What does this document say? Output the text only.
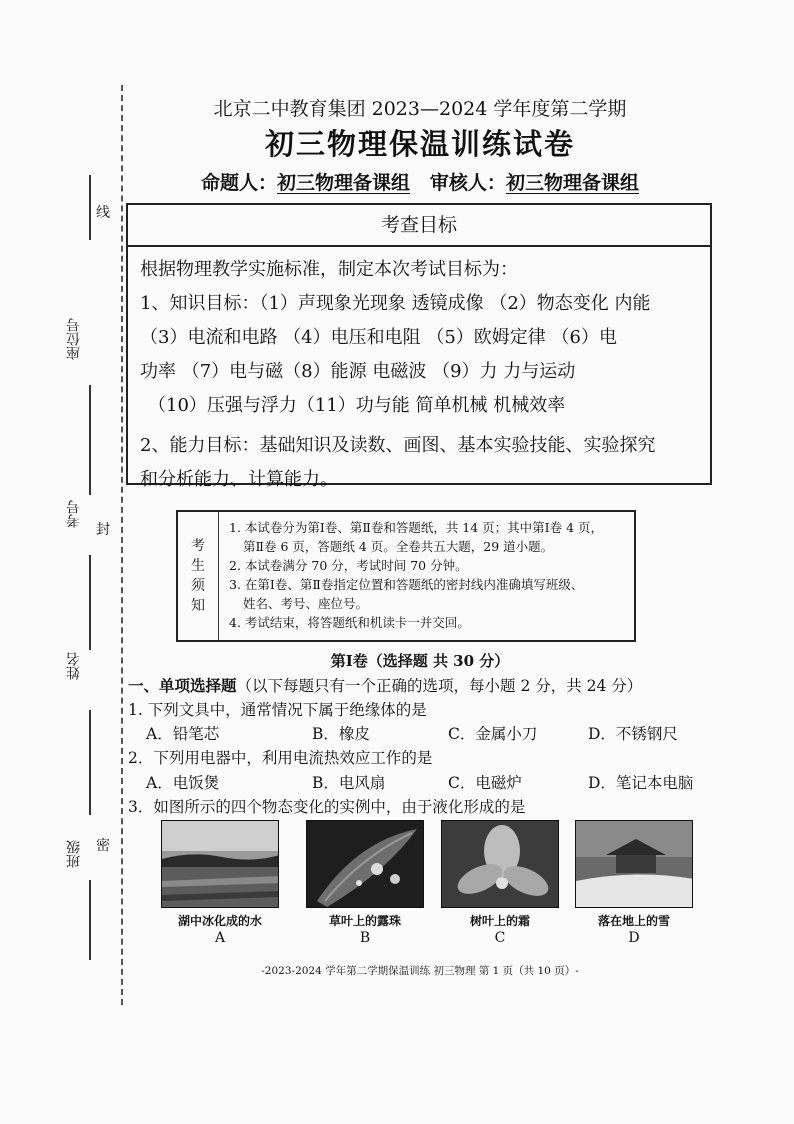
线
座位号
考号
封
姓名
班级 密
北京二中教育集团 2023—2024 学年度第二学期
初三物理保温训练试卷
命题人：初三物理备课组 审核人：初三物理备课组
考查目标

根据物理教学实施标准，制定本次考试目标为：

1、知识目标：（1）声现象光现象 透镜成像 （2）物态变化 内能

（3）电流和电路 （4）电压和电阻 （5）欧姆定律 （6）电

功率 （7）电与磁（8）能源 电磁波 （9）力 力与运动

（10）压强与浮力（11）功与能 简单机械 机械效率

2、能力目标：基础知识及读数、画图、基本实验技能、实验探究

和分析能力、计算能力。

考
生
须
知

1. 本试卷分为第Ⅰ卷、第Ⅱ卷和答题纸，共 14 页；其中第Ⅰ卷 4 页，

第Ⅱ卷 6 页，答题纸 4 页。全卷共五大题，29 道小题。

2. 本试卷满分 70 分，考试时间 70 分钟。

3. 在第Ⅰ卷、第Ⅱ卷指定位置和答题纸的密封线内准确填写班级、

姓名、考号、座位号。

4. 考试结束，将答题纸和机读卡一并交回。

第Ⅰ卷（选择题 共 30 分）
一、单项选择题（以下每题只有一个正确的选项，每小题 2 分，共 24 分）
1. 下列文具中，通常情况下属于绝缘体的是
A．铅笔芯	B．橡皮	C．金属小刀	D．不锈钢尺
2．下列用电器中，利用电流热效应工作的是
A．电饭煲	B．电风扇	C．电磁炉	D．笔记本电脑
3．如图所示的四个物态变化的实例中，由于液化形成的是
湖中冰化成的水	草叶上的露珠	树叶上的霜	落在地上的雪
A	B	C	D
-2023-2024 学年第二学期保温训练 初三物理 第 1 页（共 10 页）-
